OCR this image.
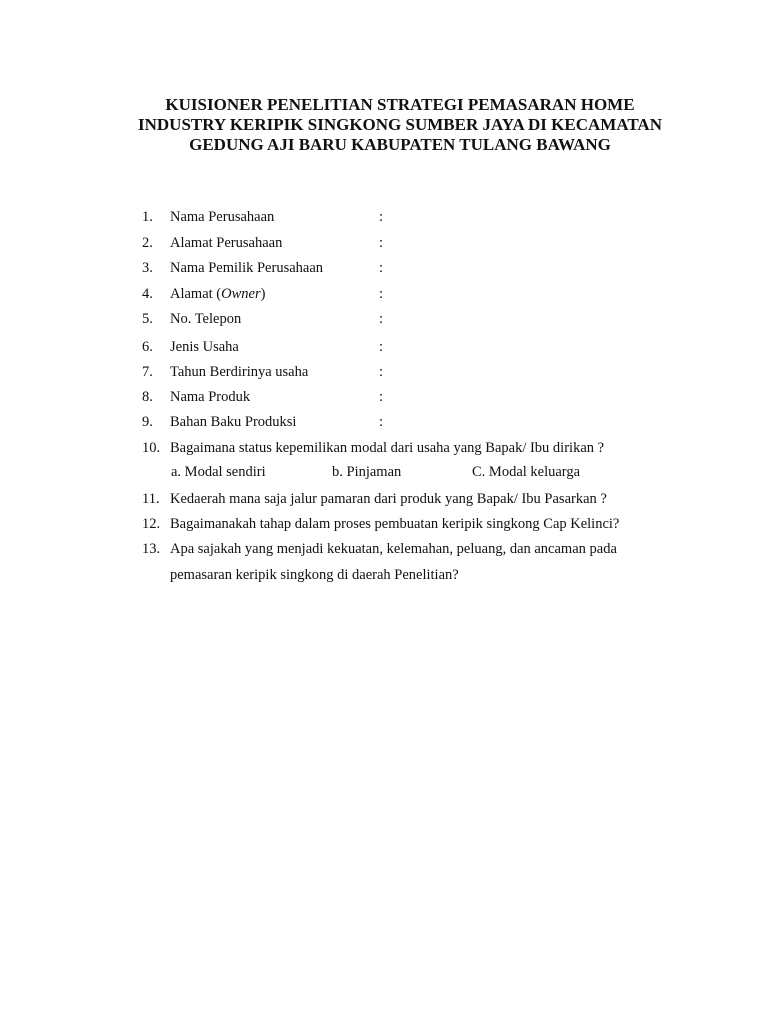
KUISIONER PENELITIAN STRATEGI PEMASARAN HOME
INDUSTRY KERIPIK SINGKONG SUMBER JAYA DI KECAMATAN
GEDUNG AJI BARU KABUPATEN TULANG BAWANG
1.	Nama Perusahaan	:
2.	Alamat Perusahaan	:
3.	Nama Pemilik Perusahaan	:
4.	Alamat (Owner)	:
5.	No. Telepon	:
6.	Jenis Usaha	:
7.	Tahun Berdirinya usaha	:
8.	Nama Produk	:
9.	Bahan Baku Produksi	:
10. Bagaimana status kepemilikan modal dari usaha yang Bapak/ Ibu dirikan ?
a. Modal sendiri	b. Pinjaman	C. Modal keluarga
11. Kedaerah mana saja jalur pamaran dari produk yang Bapak/ Ibu Pasarkan ?
12. Bagaimanakah tahap dalam proses pembuatan keripik singkong Cap Kelinci?
13. Apa sajakah yang menjadi kekuatan, kelemahan, peluang, dan ancaman pada
pemasaran keripik singkong di daerah Penelitian?
